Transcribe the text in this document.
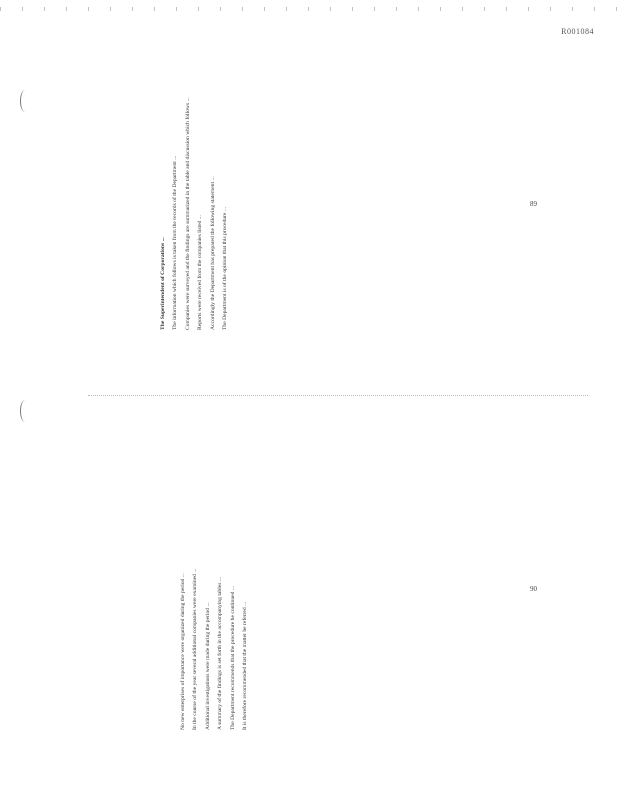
R001084

The Superintendent of Corporations ... The information which follows is taken from the records of the Department ... Companies were surveyed and the findings are summarized in the table and discussion which follows ... Reports were received from the companies listed ... Accordingly the Department has prepared the following statement ... The Department is of the opinion that this procedure ...

89

No new enterprises of importance were organized during the period ... In the course of the year several additional companies were examined ... Additional investigations were made during the period ... A summary of the findings is set forth in the accompanying tables ... The Department recommends that the procedure be continued ... It is therefore recommended that the matter be referred ...

90
